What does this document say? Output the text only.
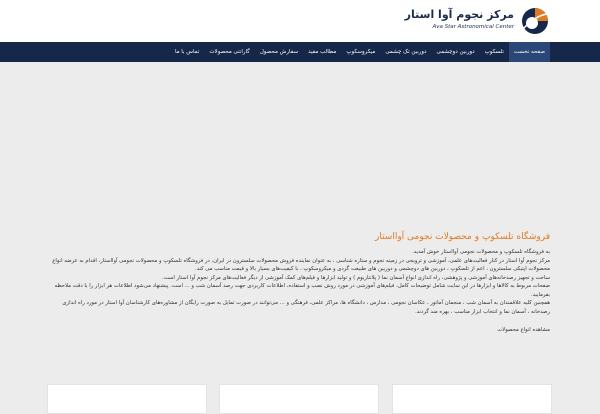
مرکز نجوم آوا استار
Ava Star Astronomical Center
صفحه نخست
تلسکوپ
دوربین دوچشمی
دوربین تک چشمی
میکروسکوپ
مطالب مفید
سفارش محصول
گارانتی محصولات
تماس با ما
فروشگاه تلسکوپ و محصولات نجومی آوااستار

به فروشگاه تلسکوپ و محصولات نجومی آوااستار خوش آمدید.

مرکز نجوم آوا استار در کنار فعالیت‌های علمی، آموزشی و ترویجی در زمینه نجوم و ستاره شناسی ، به عنوان نماینده فروش محصولات سلسترون در ایران، در فروشگاه تلسکوپ و محصولات نجومی آوااستار، اقدام به عرضه انواع محصولات اپتیکی سلسترون ، اعم از تلسکوپ ، دوربین های دوچشمی و دوربین های طبیعت گردی و میکروسکوپ ، با کیفیت‌های بسیار بالا و قیمت مناسب می کند.

ساخت و تجهیز رصدخانه‌های آموزشی و پژوهشی، راه اندازی انواع آسمان نما ( پلانتاریوم ) و تولید ابزارها و فیلم‌های کمک آموزشی از دیگر فعالیت‌های مرکز نجوم آوا استار است.

صفحات مربوط به کالاها و ابزارها در این سایت شامل توضیحات کامل، فیلم‌های آموزشی در مورد روش نصب و استفاده، اطلاعات کاربردی جهت رصد آسمان شب و ... است. پیشنهاد می‌شود اطلاعات هر ابزار را با دقت ملاحظه بفرمایید.

همچنین کلیه علاقمندان به آسمان شب ، منجمان آماتور ، عکاسان نجومی ، مدارس ، دانشگاه ها، مراکز علمی، فرهنگی و ... می‌توانند در صورت تمایل به صورت رایگان از مشاوره‌های کارشناسان آوا استار در مورد راه اندازی رصدخانه ، آسمان نما و انتخاب ابزار مناسب ، بهره مند گردند.

مشاهده انواع محصولات
